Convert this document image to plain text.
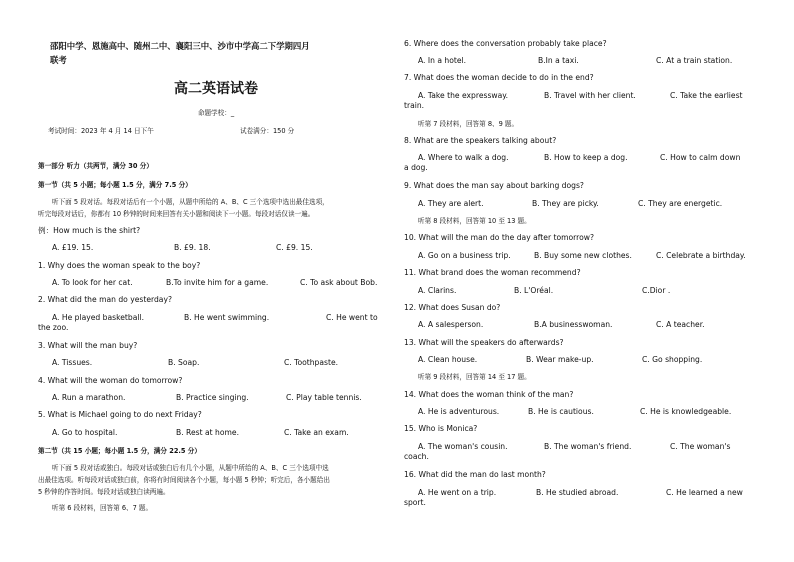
邵阳中学、恩施高中、随州二中、襄阳三中、沙市中学高二下学期四月
联考
高二英语试卷
命题学校：_
考试时间：2023 年 4 月 14 日下午	试卷满分：150 分
第一部分 听力（共两节，满分 30 分）
第一节（共 5 小题；每小题 1.5 分，满分 7.5 分）
听下面 5 段对话。每段对话后有一个小题，从题中所给的 A、B、C 三个选项中选出最佳选项，
听完每段对话后，你都有 10 秒钟的时间来回答有关小题和阅读下一小题。每段对话仅读一遍。
例：How much is the shirt?
A. £19. 15.	B. £9. 18.	C. £9. 15.
1. Why does the woman speak to the boy?
A. To look for her cat.	B.To invite him for a game.	C. To ask about Bob.
2. What did the man do yesterday?
A. He played basketball.	B. He went swimming.	C. He went to
the zoo.
3. What will the man buy?
A. Tissues.	B. Soap.	C. Toothpaste.
4. What will the woman do tomorrow?
A. Run a marathon.	B. Practice singing.	C. Play table tennis.
5. What is Michael going to do next Friday?
A. Go to hospital.	B. Rest at home.	C. Take an exam.
第二节（共 15 小题；每小题 1.5 分，满分 22.5 分）
听下面 5 段对话或独白。每段对话或独白后有几个小题，从题中所给的 A、B、C 三个选项中选
出最佳选项。听每段对话或独白前，你将有时间阅读各个小题，每小题 5 秒钟；听完后，各小题给出
5 秒钟的作答时间。每段对话或独白读两遍。
听第 6 段材料，回答第 6、7 题。
6. Where does the conversation probably take place?
A. In a hotel.	B.In a taxi.	C. At a train station.
7. What does the woman decide to do in the end?
A. Take the expressway.	B. Travel with her client.	C. Take the earliest
train.
听第 7 段材料，回答第 8、9 题。
8. What are the speakers talking about?
A. Where to walk a dog.	B. How to keep a dog.	C. How to calm down
a dog.
9. What does the man say about barking dogs?
A. They are alert.	B. They are picky.	C. They are energetic.
听第 8 段材料，回答第 10 至 13 题。
10. What will the man do the day after tomorrow?
A. Go on a business trip.	B. Buy some new clothes.	C. Celebrate a birthday.
11. What brand does the woman recommend?
A. Clarins.	B. L'Oréal.	C.Dior .
12. What does Susan do?
A. A salesperson.	B.A businesswoman.	C. A teacher.
13. What will the speakers do afterwards?
A. Clean house.	B. Wear make-up.	C. Go shopping.
听第 9 段材料，回答第 14 至 17 题。
14. What does the woman think of the man?
A. He is adventurous.	B. He is cautious.	C. He is knowledgeable.
15. Who is Monica?
A. The woman's cousin.	B. The woman's friend.	C. The woman's
coach.
16. What did the man do last month?
A. He went on a trip.	B. He studied abroad.	C. He learned a new
sport.
